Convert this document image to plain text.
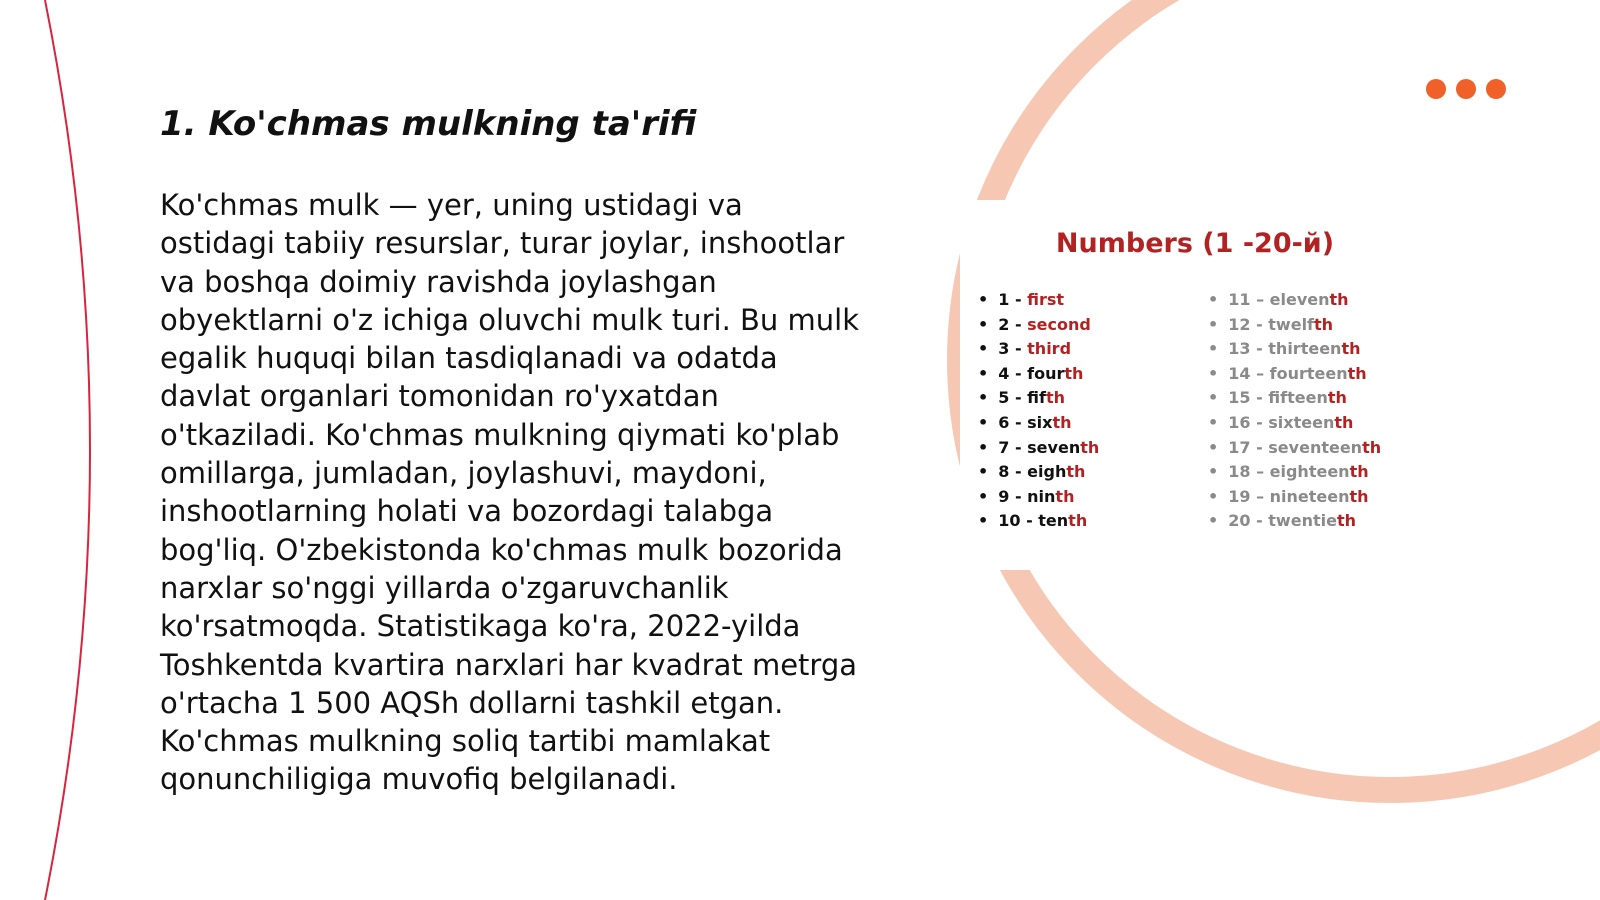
1. Ko'chmas mulkning ta'rifi

Ko'chmas mulk — yer, uning ustidagi va ostidagi tabiiy resurslar, turar joylar, inshootlar va boshqa doimiy ravishda joylashgan obyektlarni o'z ichiga oluvchi mulk turi. Bu mulk egalik huquqi bilan tasdiqlanadi va odatda davlat organlari tomonidan ro'yxatdan o'tkaziladi. Ko'chmas mulkning qiymati ko'plab omillarga, jumladan, joylashuvi, maydoni, inshootlarning holati va bozordagi talabga bog'liq. O'zbekistonda ko'chmas mulk bozorida narxlar so'nggi yillarda o'zgaruvchanlik ko'rsatmoqda. Statistikaga ko'ra, 2022-yilda Toshkentda kvartira narxlari har kvadrat metrga o'rtacha 1 500 AQSh dollarni tashkil etgan. Ko'chmas mulkning soliq tartibi mamlakat qonunchiligiga muvofiq belgilanadi.

Numbers (1 -20-й)
• 1 - first
• 2 - second
• 3 - third
• 4 - fourth
• 5 - fifth
• 6 - sixth
• 7 - seventh
• 8 - eighth
• 9 - ninth
• 10 - tenth
• 11 – eleventh
• 12 - twelfth
• 13 - thirteenth
• 14 – fourteenth
• 15 - fifteenth
• 16 - sixteenth
• 17 - seventeenth
• 18 – eighteenth
• 19 – nineteenth
• 20 - twentieth
